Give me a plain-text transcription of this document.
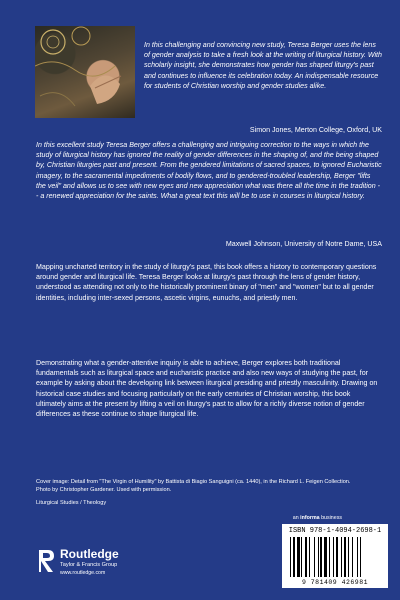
In this challenging and convincing new study, Teresa Berger uses the lens of gender analysis to take a fresh look at the writing of liturgical history. With scholarly insight, she demonstrates how gender has shaped liturgy's past and continues to influence its celebration today. An indispensable resource for students of Christian worship and gender studies alike.

Simon Jones, Merton College, Oxford, UK

In this excellent study Teresa Berger offers a challenging and intriguing correction to the ways in which the study of liturgical history has ignored the reality of gender differences in the shaping of, and the being shaped by, Christian liturgies past and present. From the gendered limitations of sacred spaces, to ignored Eucharistic imagery, to the sacramental impediments of bodily flows, and to gendered-troubled leadership, Berger "lifts the veil" and allows us to see with new eyes and new appreciation what was there all the time in the tradition -- a renewed appreciation for the saints. What a great text this will be to use in courses in liturgical history.

Maxwell Johnson, University of Notre Dame, USA

Mapping uncharted territory in the study of liturgy's past, this book offers a history to contemporary questions around gender and liturgical life. Teresa Berger looks at liturgy's past through the lens of gender history, understood as attending not only to the historically prominent binary of "men" and "women" but to all gender identities, including inter-sexed persons, ascetic virgins, eunuchs, and priestly men.

Demonstrating what a gender-attentive inquiry is able to achieve, Berger explores both traditional fundamentals such as liturgical space and eucharistic practice and also new ways of studying the past, for example by asking about the developing link between liturgical presiding and priestly masculinity. Drawing on historical case studies and focusing particularly on the early centuries of Christian worship, this book ultimately aims at the present by lifting a veil on liturgy's past to allow for a richly diverse notion of gender differences as these continue to shape liturgical life.

Cover image: Detail from "The Virgin of Humility" by Battista di Biagio Sanguigni (ca. 1440), in the Richard L. Feigen Collection. Photo by Christopher Gardener. Used with permission.

Liturgical Studies / Theology

an informa business

ISBN 978-1-4094-2698-1
9 781409 426981
Routledge
Taylor & Francis Group
www.routledge.com
